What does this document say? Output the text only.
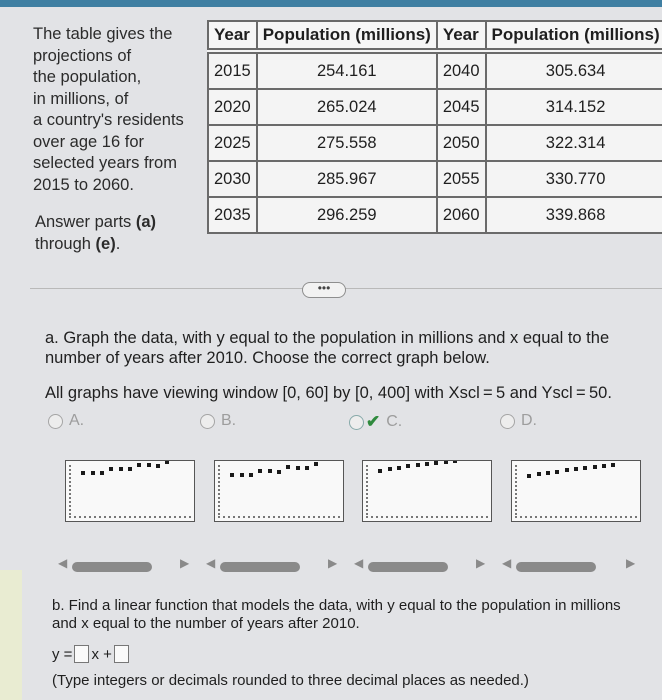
The table gives the
projections of
the population,
in millions, of
a country's residents
over age 16 for
selected years from
2015 to 2060.
Answer parts (a)
through (e).
Year	Population (millions)	Year	Population (millions)

2015	254.161	2040	305.634
2020	265.024	2045	314.152
2025	275.558	2050	322.314
2030	285.967	2055	330.770
2035	296.259	2060	339.868
•••
a. Graph the data, with y equal to the population in millions and x equal to the number of years after 2010. Choose the correct graph below.
All graphs have viewing window [0, 60] by [0, 400] with Xscl = 5 and Yscl = 50.
A.	B.	✔ C.	D.
◀	▶ ◀	▶ ◀	▶ ◀	▶
b. Find a linear function that models the data, with y equal to the population in millions and x equal to the number of years after 2010.
y = x +
(Type integers or decimals rounded to three decimal places as needed.)
